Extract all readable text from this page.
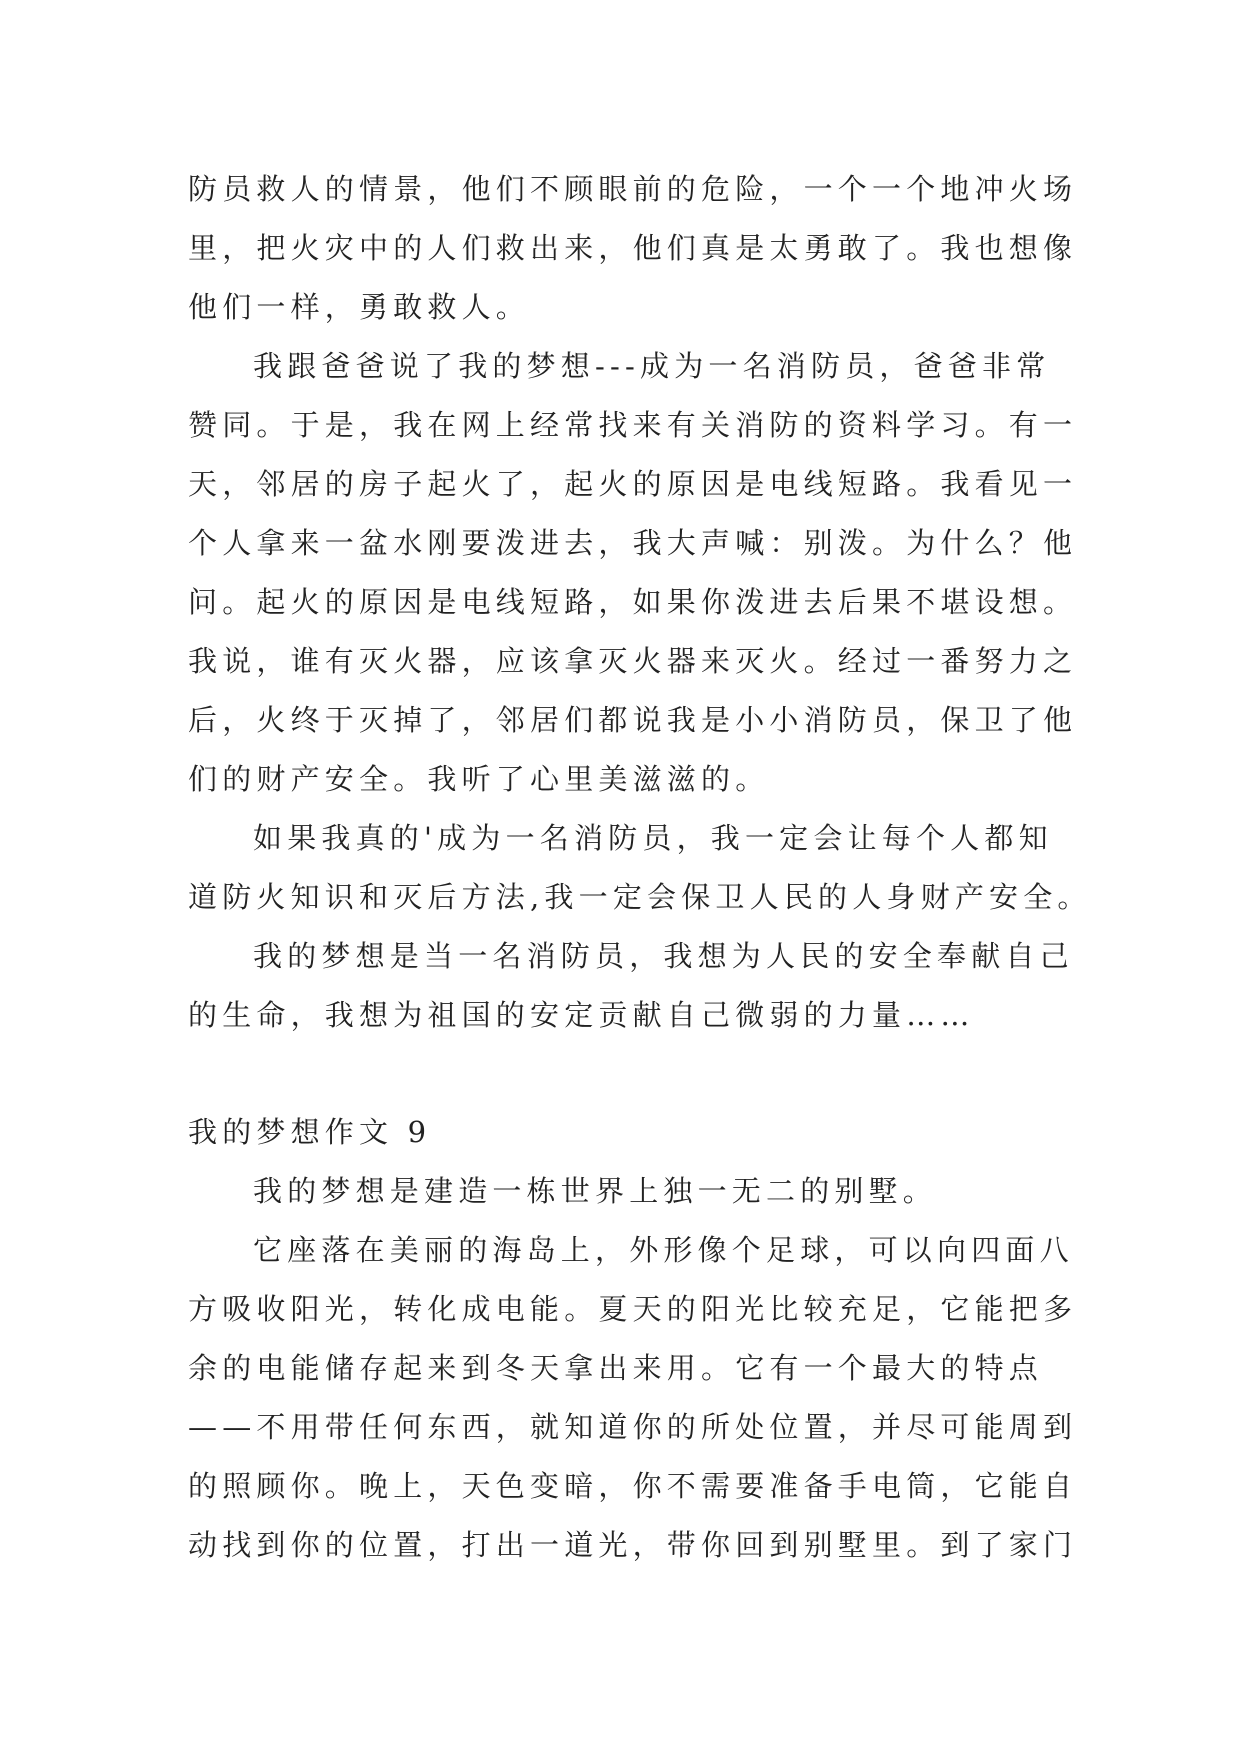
防员救人的情景，他们不顾眼前的危险，一个一个地冲火场
里，把火灾中的人们救出来，他们真是太勇敢了。我也想像
他们一样，勇敢救人。
我跟爸爸说了我的梦想---成为一名消防员，爸爸非常
赞同。于是，我在网上经常找来有关消防的资料学习。有一
天，邻居的房子起火了，起火的原因是电线短路。我看见一
个人拿来一盆水刚要泼进去，我大声喊：别泼。为什么？他
问。起火的原因是电线短路，如果你泼进去后果不堪设想。
我说，谁有灭火器，应该拿灭火器来灭火。经过一番努力之
后，火终于灭掉了，邻居们都说我是小小消防员，保卫了他
们的财产安全。我听了心里美滋滋的。
如果我真的'成为一名消防员，我一定会让每个人都知
道防火知识和灭后方法,我一定会保卫人民的人身财产安全。
我的梦想是当一名消防员，我想为人民的安全奉献自己
的生命，我想为祖国的安定贡献自己微弱的力量……
我的梦想作文 9
我的梦想是建造一栋世界上独一无二的别墅。
它座落在美丽的海岛上，外形像个足球，可以向四面八
方吸收阳光，转化成电能。夏天的阳光比较充足，它能把多
余的电能储存起来到冬天拿出来用。它有一个最大的特点
——不用带任何东西，就知道你的所处位置，并尽可能周到
的照顾你。晚上，天色变暗，你不需要准备手电筒，它能自
动找到你的位置，打出一道光，带你回到别墅里。到了家门
